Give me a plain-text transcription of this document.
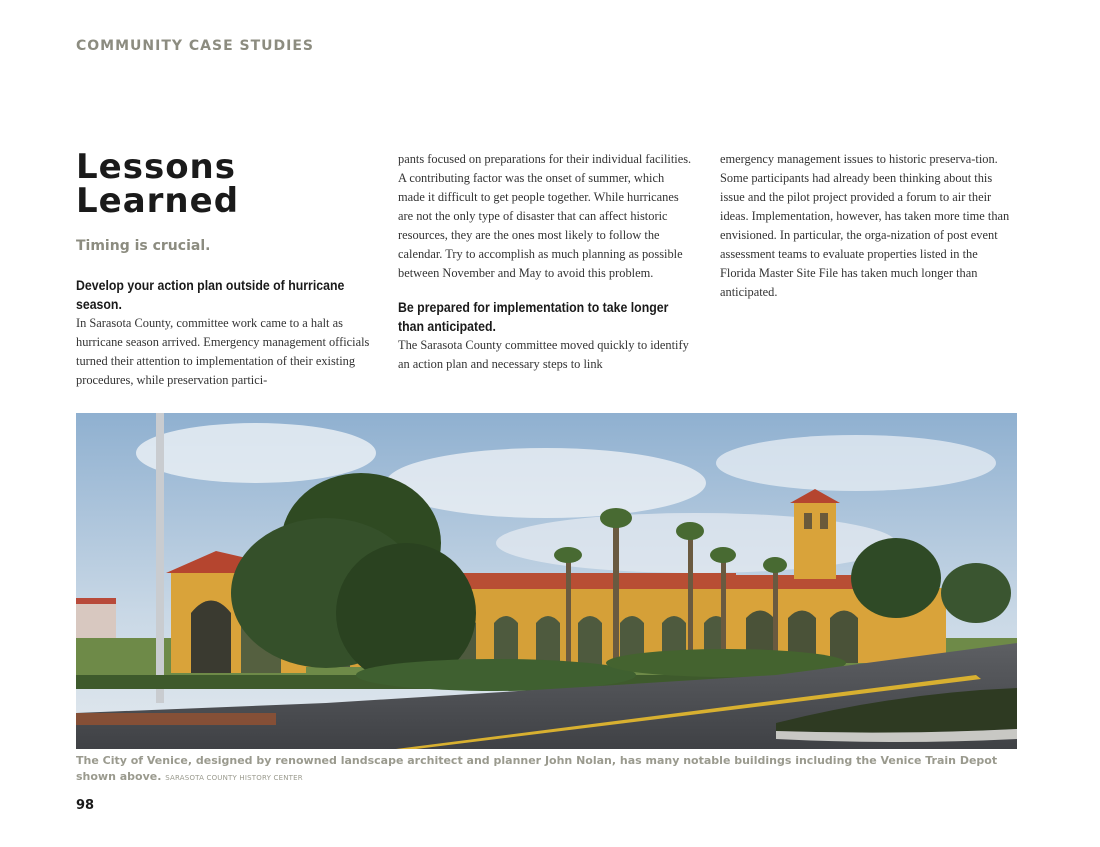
COMMUNITY CASE STUDIES
Lessons
Learned
Timing is crucial.
Develop your action plan outside of hurricane season.
In Sarasota County, committee work came to a halt as hurricane season arrived. Emergency management officials turned their attention to implementation of their existing procedures, while preservation partici-
pants focused on preparations for their individual facilities. A contributing factor was the onset of summer, which made it difficult to get people together. While hurricanes are not the only type of disaster that can affect historic resources, they are the ones most likely to follow the calendar. Try to accomplish as much planning as possible between November and May to avoid this problem.
Be prepared for implementation to take longer than anticipated.
The Sarasota County committee moved quickly to identify an action plan and necessary steps to link
emergency management issues to historic preserva-tion. Some participants had already been thinking about this issue and the pilot project provided a forum to air their ideas. Implementation, however, has taken more time than envisioned. In particular, the orga-nization of post event assessment teams to evaluate properties listed in the Florida Master Site File has taken much longer than anticipated.
The City of Venice, designed by renowned landscape architect and planner John Nolan, has many notable buildings including the Venice Train Depot shown above. SARASOTA COUNTY HISTORY CENTER
98
